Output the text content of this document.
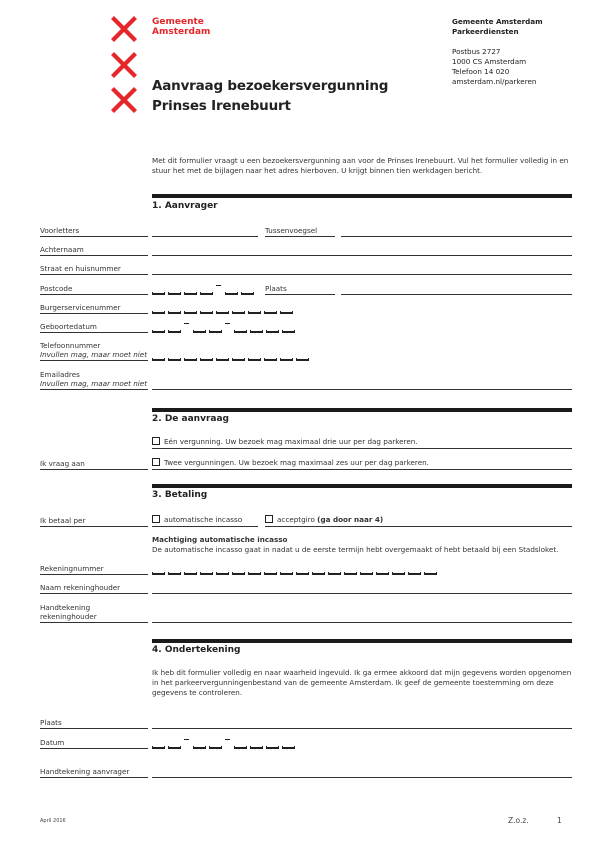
Gemeente
Amsterdam
Aanvraag bezoekersvergunning
Prinses Irenebuurt
Gemeente Amsterdam
Parkeerdiensten
Postbus 2727
1000 CS Amsterdam
Telefoon 14 020
amsterdam.nl/parkeren
Met dit formulier vraagt u een bezoekersvergunning aan voor de Prinses Irenebuurt. Vul het formulier volledig in en stuur het met de bijlagen naar het adres hierboven. U krijgt binnen tien werkdagen bericht.
1. Aanvrager
Voorletters	Tussenvoegsel
Achternaam
Straat en huisnummer
Postcode	Plaats
Burgerservicenummer
Geboortedatum
Telefoonnummer
Invullen mag, maar moet niet
Emailadres
Invullen mag, maar moet niet
2. De aanvraag
Eén vergunning. Uw bezoek mag maximaal drie uur per dag parkeren.
Ik vraag aan	Twee vergunningen. Uw bezoek mag maximaal zes uur per dag parkeren.
3. Betaling
Ik betaal per	automatische incasso	acceptgiro (ga door naar 4)
Machtiging automatische incasso
De automatische incasso gaat in nadat u de eerste termijn hebt overgemaakt of hebt betaald bij een Stadsloket.
Rekeningnummer
Naam rekeninghouder
Handtekening rekeninghouder
4. Ondertekening
Ik heb dit formulier volledig en naar waarheid ingevuld. Ik ga ermee akkoord dat mijn gegevens worden opgenomen in het parkeervergunningenbestand van de gemeente Amsterdam. Ik geef de gemeente toestemming om deze gegevens te controleren.
Plaats
Datum
Handtekening aanvrager
April 2016	Z.o.z.	1
